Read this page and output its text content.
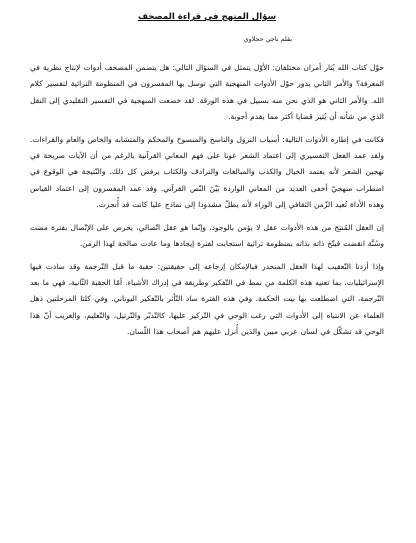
سؤال المنهج في قراءة المصحف
بقلم ناجي حجلاوي

حوْل كتاب الله يُثار أمران مختلفان: الأوّل يتمثل في السؤال التالي: هل يتضمن المصحف أدوات لإنتاج نظرية في المعرفة؟ والأمر الثاني يدور حوْل الأدوات المنهجية التي توسل بها المفسرون في المنظومة التراثية لتفسير كلام الله. والأمر الثاني هو الذي نحن منه بسبيل في هذه الورقة. لقد خضعت المنهجية في التفسير التقليدي إلى النقل الذي من شأنه أن يُثير قضايا أكثر مما يقدم أجوبة.

فكانت في إطاره الأدوات التالية: أسباب النزول والناسخ والمنسوخ والمحكم والمتشابه والخاص والعام والقراءات. ولقد عمد الفعل التفسيري إلى اعتماد الشعر عونا على فهم المعاني القرآنية بالرغم من أن الآيات صريحة في تهجين الشعر لأنه يعتمد الخيال والكذب والمبالغات والترادف والكتاب يرفض كل ذلك. والنّتيجة هي الوقوع في اضطراب منهجيّ أخفى العديد من المعاني الواردة بَيْنَ النّص القرآني. وقد عمد المفسرون إلى اعتماد القياس وهذه الأداة تُعيد الزّمن الثقافي إلى الوراء لأنه يظلّ مشدودا إلى نماذج عليا كانت قد أُنجزت.

إن العقل المُنتِج من هذه الأدوات عقل لا يؤمن بالوجود، وإنّما هو عقل اتّصالي، يحرص على الإتّصال بفترة مضت وسُنَّة انقضت فيتّخ ذاته بذاته بمنظومة تراثية استجابت لفترة إيجادها وما عادت صالحة لهذا الزمن.

وإذا أردنا التّعقيب لهذا العقل المنحدر فبالإمكان إرجاعه إلى حقيقتين: حقبة ما قبل التّرجمة وقد سادت فيها الإسرائيليات، بما تعنيه هذه الكلمة من نمط في التّفكير وطريقة في إدراك الأشياء. أمّا الحقبة الثّانية، فهي ما بعد التّرجمة، التي اضطلعت بها بيت الحكمة. وفي هذه الفترة ساد التّأثر بالتّفكير اليوناني. وفي كلتا المرحلتين ذهل العلماء عن الانتباه إلى الأدوات التي رغب الوحي في التّركيز عليها، كالتّدبّر والتّرتيل، والتّعليم، والغريب أنّ هذا الوحي قد تشكّل في لسان عربي مبين والذين أُنزل عليهم هم أصحاب هذا اللّسان.
